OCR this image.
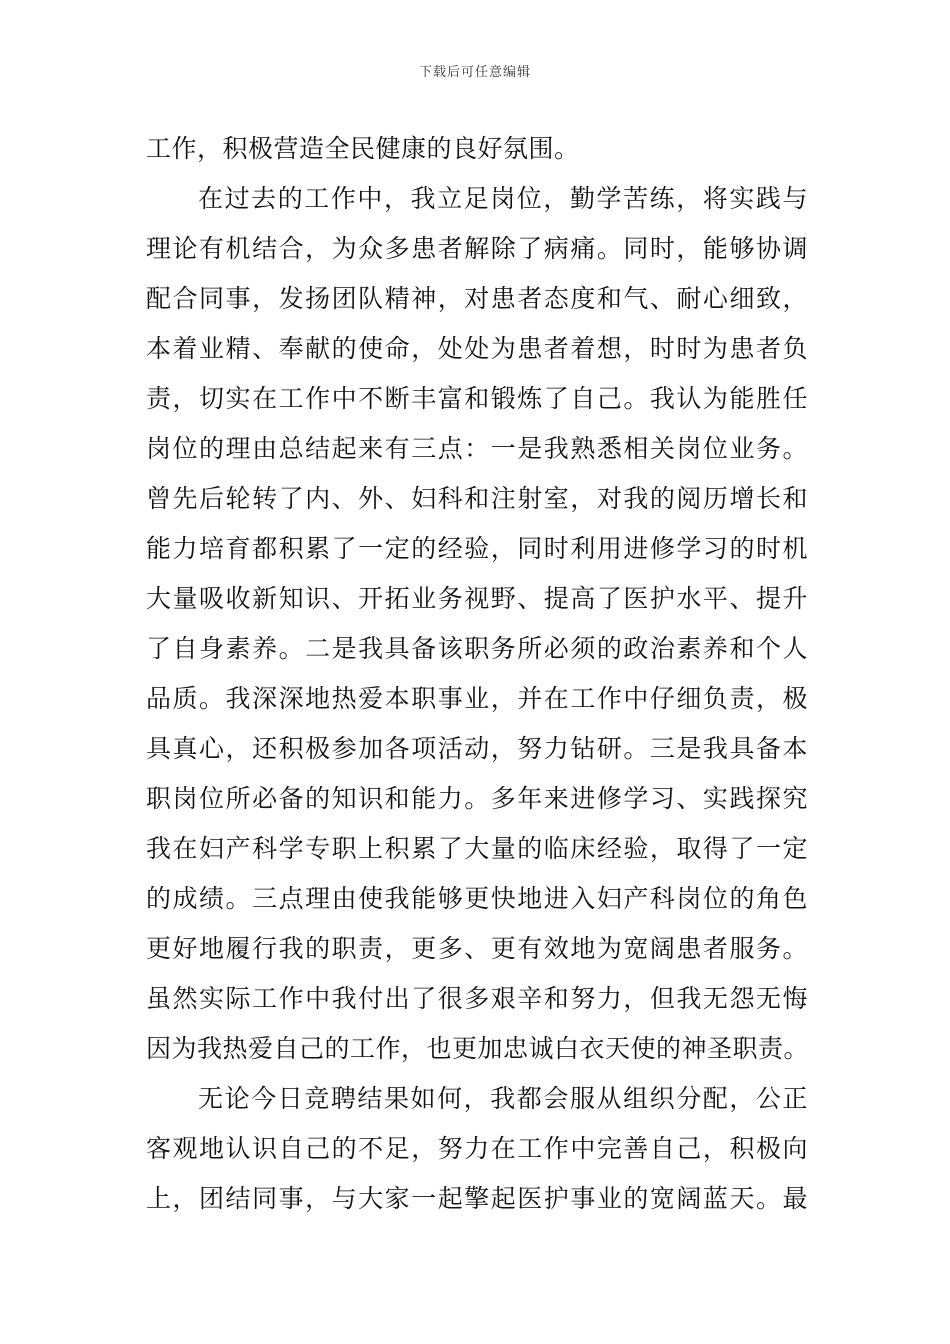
下载后可任意编辑
工作，积极营造全民健康的良好氛围。
在过去的工作中，我立足岗位，勤学苦练，将实践与
理论有机结合，为众多患者解除了病痛。同时，能够协调
配合同事，发扬团队精神，对患者态度和气、耐心细致，
本着业精、奉献的使命，处处为患者着想，时时为患者负
责，切实在工作中不断丰富和锻炼了自己。我认为能胜任
岗位的理由总结起来有三点：一是我熟悉相关岗位业务。
曾先后轮转了内、外、妇科和注射室，对我的阅历增长和
能力培育都积累了一定的经验，同时利用进修学习的时机
大量吸收新知识、开拓业务视野、提高了医护水平、提升
了自身素养。二是我具备该职务所必须的政治素养和个人
品质。我深深地热爱本职事业，并在工作中仔细负责，极
具真心，还积极参加各项活动，努力钻研。三是我具备本
职岗位所必备的知识和能力。多年来进修学习、实践探究
我在妇产科学专职上积累了大量的临床经验，取得了一定
的成绩。三点理由使我能够更快地进入妇产科岗位的角色
更好地履行我的职责，更多、更有效地为宽阔患者服务。
虽然实际工作中我付出了很多艰辛和努力，但我无怨无悔
因为我热爱自己的工作，也更加忠诚白衣天使的神圣职责。
无论今日竞聘结果如何，我都会服从组织分配，公正
客观地认识自己的不足，努力在工作中完善自己，积极向
上，团结同事，与大家一起擎起医护事业的宽阔蓝天。最
